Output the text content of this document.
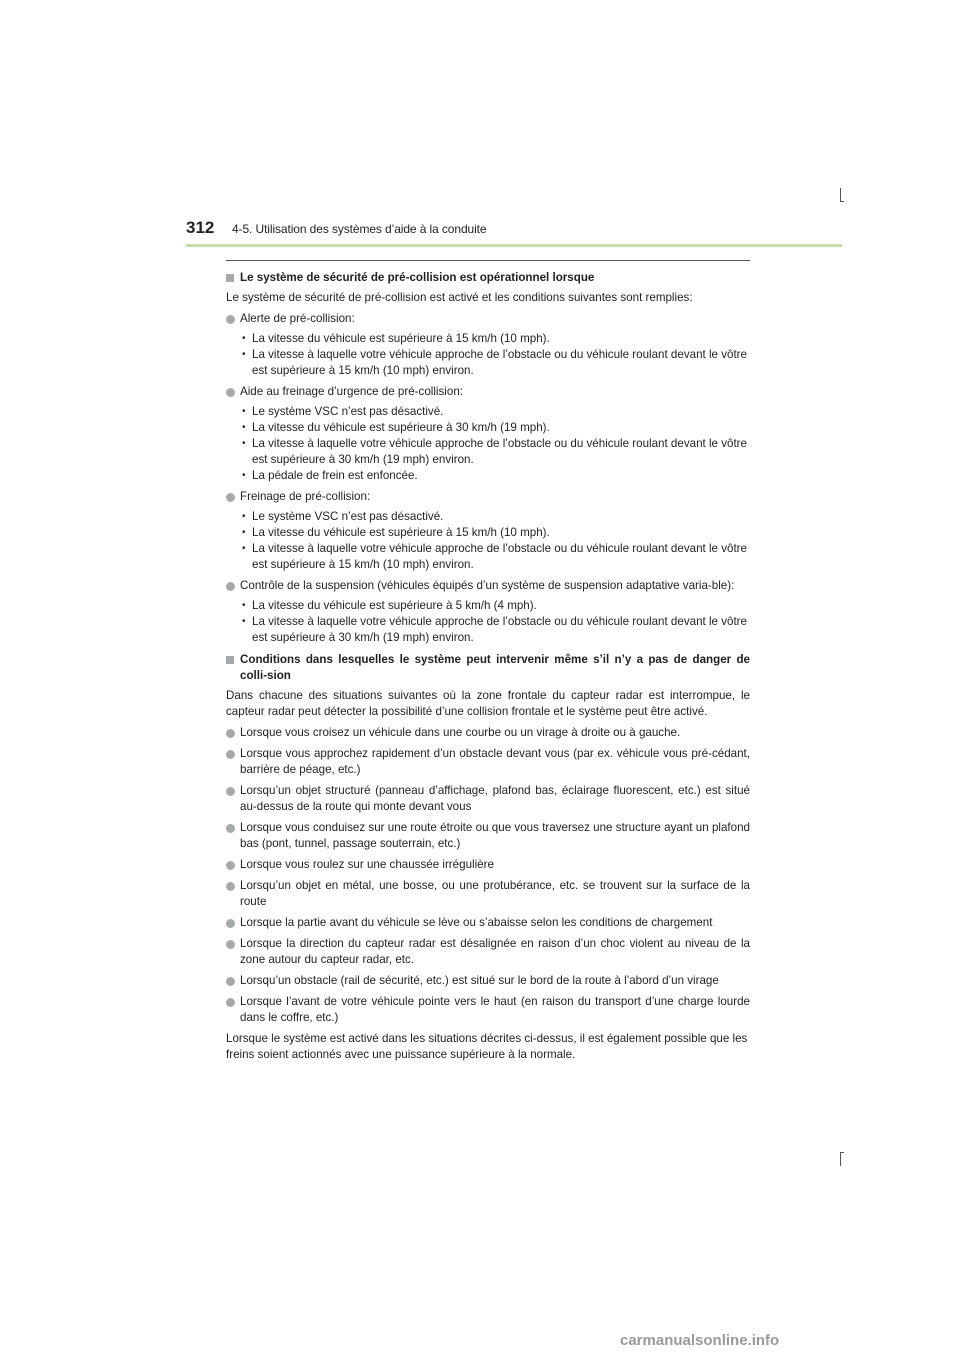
312 4-5. Utilisation des systèmes d’aide à la conduite
Le système de sécurité de pré-collision est opérationnel lorsque
Le système de sécurité de pré-collision est activé et les conditions suivantes sont remplies:
Alerte de pré-collision:
• La vitesse du véhicule est supérieure à 15 km/h (10 mph).
• La vitesse à laquelle votre véhicule approche de l’obstacle ou du véhicule roulant devant le vôtre est supérieure à 15 km/h (10 mph) environ.
Aide au freinage d’urgence de pré-collision:
• Le système VSC n’est pas désactivé.
• La vitesse du véhicule est supérieure à 30 km/h (19 mph).
• La vitesse à laquelle votre véhicule approche de l’obstacle ou du véhicule roulant devant le vôtre est supérieure à 30 km/h (19 mph) environ.
• La pédale de frein est enfoncée.
Freinage de pré-collision:
• Le système VSC n’est pas désactivé.
• La vitesse du véhicule est supérieure à 15 km/h (10 mph).
• La vitesse à laquelle votre véhicule approche de l’obstacle ou du véhicule roulant devant le vôtre est supérieure à 15 km/h (10 mph) environ.
Contrôle de la suspension (véhicules équipés d’un système de suspension adaptative varia-ble):
• La vitesse du véhicule est supérieure à 5 km/h (4 mph).
• La vitesse à laquelle votre véhicule approche de l’obstacle ou du véhicule roulant devant le vôtre est supérieure à 30 km/h (19 mph) environ.
Conditions dans lesquelles le système peut intervenir même s’il n’y a pas de danger de colli-sion
Dans chacune des situations suivantes où la zone frontale du capteur radar est interrompue, le capteur radar peut détecter la possibilité d’une collision frontale et le système peut être activé.
Lorsque vous croisez un véhicule dans une courbe ou un virage à droite ou à gauche.
Lorsque vous approchez rapidement d’un obstacle devant vous (par ex. véhicule vous pré-cédant, barrière de péage, etc.)
Lorsqu’un objet structuré (panneau d’affichage, plafond bas, éclairage fluorescent, etc.) est situé au-dessus de la route qui monte devant vous
Lorsque vous conduisez sur une route étroite ou que vous traversez une structure ayant un plafond bas (pont, tunnel, passage souterrain, etc.)
Lorsque vous roulez sur une chaussée irrégulière
Lorsqu’un objet en métal, une bosse, ou une protubérance, etc. se trouvent sur la surface de la route
Lorsque la partie avant du véhicule se lève ou s’abaisse selon les conditions de chargement
Lorsque la direction du capteur radar est désalignée en raison d’un choc violent au niveau de la zone autour du capteur radar, etc.
Lorsqu’un obstacle (rail de sécurité, etc.) est situé sur le bord de la route à l’abord d’un virage
Lorsque l’avant de votre véhicule pointe vers le haut (en raison du transport d’une charge lourde dans le coffre, etc.)
Lorsque le système est activé dans les situations décrites ci-dessus, il est également possible que les freins soient actionnés avec une puissance supérieure à la normale.
carmanualsonline.info
